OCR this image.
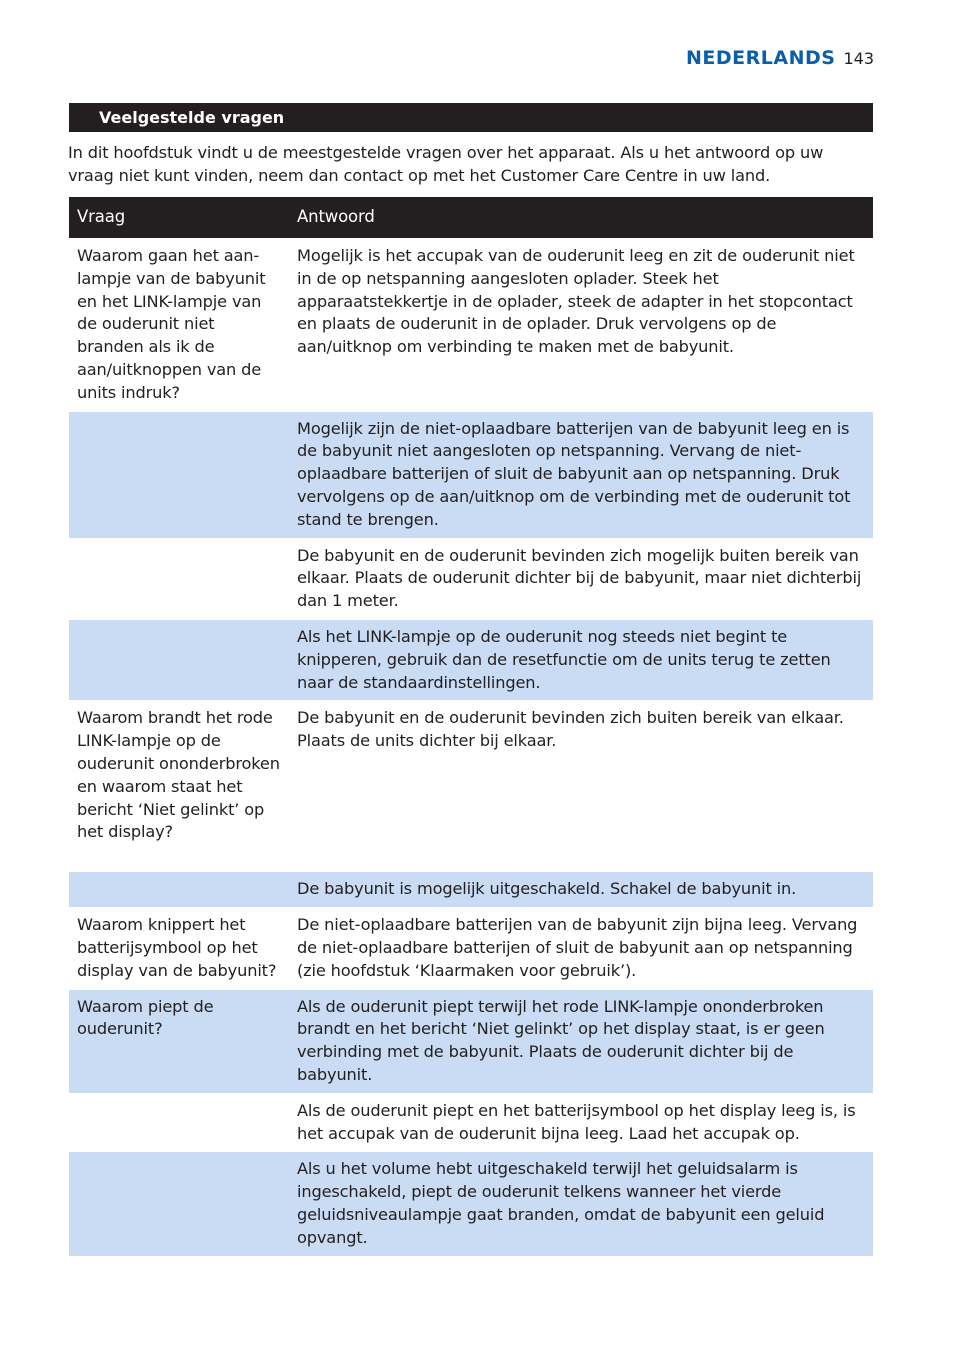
NEDERLANDS 143
Veelgestelde vragen

In dit hoofdstuk vindt u de meestgestelde vragen over het apparaat. Als u het antwoord op uw vraag niet kunt vinden, neem dan contact op met het Customer Care Centre in uw land.

Vraag	Antwoord
Waarom gaan het aan-lampje van de babyunit en het LINK-lampje van de ouderunit niet branden als ik de aan/uitknoppen van de units indruk?	Mogelijk is het accupak van de ouderunit leeg en zit de ouderunit niet in de op netspanning aangesloten oplader. Steek het apparaatstekkertje in de oplader, steek de adapter in het stopcontact en plaats de ouderunit in de oplader. Druk vervolgens op de aan/uitknop om verbinding te maken met de babyunit.
	Mogelijk zijn de niet-oplaadbare batterijen van de babyunit leeg en is de babyunit niet aangesloten op netspanning. Vervang de niet-oplaadbare batterijen of sluit de babyunit aan op netspanning. Druk vervolgens op de aan/uitknop om de verbinding met de ouderunit tot stand te brengen.
	De babyunit en de ouderunit bevinden zich mogelijk buiten bereik van elkaar. Plaats de ouderunit dichter bij de babyunit, maar niet dichterbij dan 1 meter.
	Als het LINK-lampje op de ouderunit nog steeds niet begint te knipperen, gebruik dan de resetfunctie om de units terug te zetten naar de standaardinstellingen.
Waarom brandt het rode LINK-lampje op de ouderunit ononderbroken en waarom staat het bericht ‘Niet gelinkt’ op het display?	De babyunit en de ouderunit bevinden zich buiten bereik van elkaar. Plaats de units dichter bij elkaar.
	De babyunit is mogelijk uitgeschakeld. Schakel de babyunit in.
Waarom knippert het batterijsymbool op het display van de babyunit?	De niet-oplaadbare batterijen van de babyunit zijn bijna leeg. Vervang de niet-oplaadbare batterijen of sluit de babyunit aan op netspanning (zie hoofdstuk ‘Klaarmaken voor gebruik’).
Waarom piept de ouderunit?	Als de ouderunit piept terwijl het rode LINK-lampje ononderbroken brandt en het bericht ‘Niet gelinkt’ op het display staat, is er geen verbinding met de babyunit. Plaats de ouderunit dichter bij de babyunit.
	Als de ouderunit piept en het batterijsymbool op het display leeg is, is het accupak van de ouderunit bijna leeg. Laad het accupak op.
	Als u het volume hebt uitgeschakeld terwijl het geluidsalarm is ingeschakeld, piept de ouderunit telkens wanneer het vierde geluidsniveaulampje gaat branden, omdat de babyunit een geluid opvangt.
